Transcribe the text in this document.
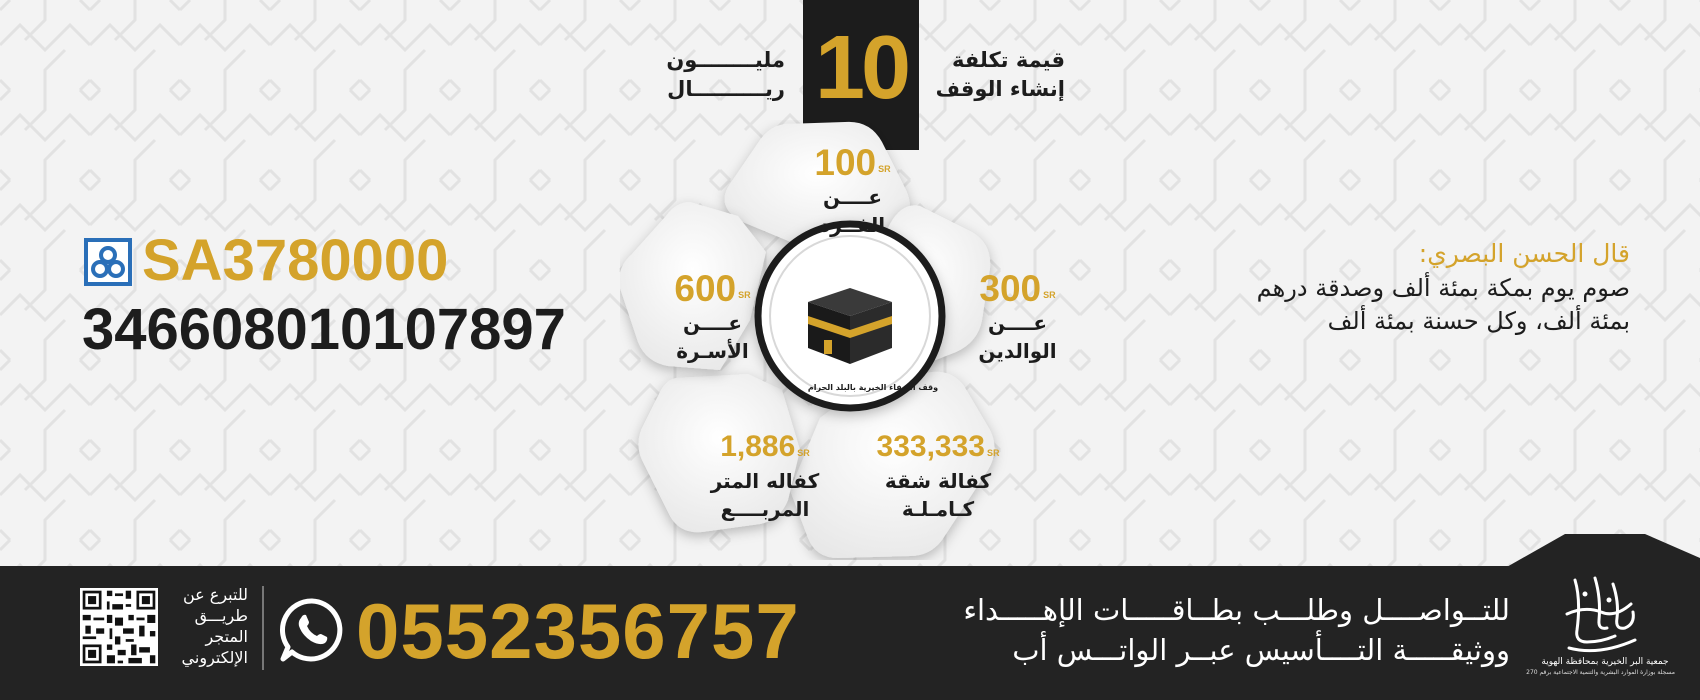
10	قيمة تكلفة
إنشاء الوقف
مليــــــــون
ريــــــــــال
100 SR
عــــن
الفــرد
300 SR
عــــن
الوالدين
333,333 SR
كفالة شقة
كـامـلـة
1,886 SR
كفاله المتر
المربــــع
600 SR
عــــن
الأسـرة
وقف الصفاء الخيرية بالبلد الحرام
قال الحسن البصري:
صوم يوم بمكة بمئة ألف وصدقة درهم
بمئة ألف، وكل حسنة بمئة ألف
SA3780000
346608010107897
للتبرع عن
طريـــق
المتجر
الإلكتروني 0552356757	للتــواصــــل وطلـــب بطــاقـــــات الإهـــــداء
ووثيقـــــة التــــأسيس عبــر الواتـــس أب	جمعية البر الخيرية بمحافظة الهوية
مسجلة بوزارة الموارد البشرية والتنمية الاجتماعية برقم 270
